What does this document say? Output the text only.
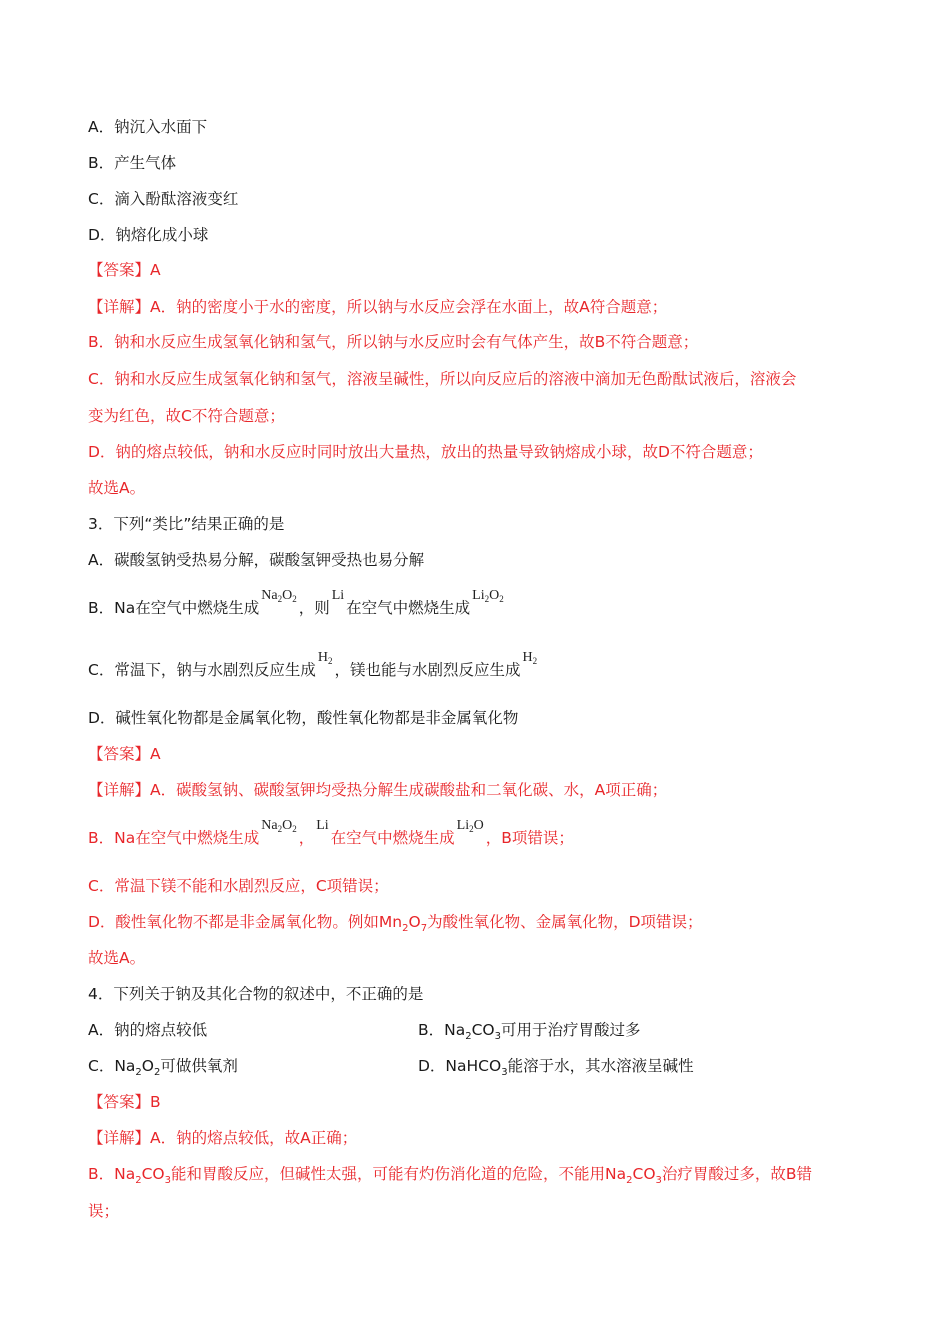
A．钠沉入水面下
B．产生气体
C．滴入酚酞溶液变红
D．钠熔化成小球
【答案】A
【详解】A．钠的密度小于水的密度，所以钠与水反应会浮在水面上，故A符合题意；
B．钠和水反应生成氢氧化钠和氢气，所以钠与水反应时会有气体产生，故B不符合题意；
C．钠和水反应生成氢氧化钠和氢气，溶液呈碱性，所以向反应后的溶液中滴加无色酚酞试液后，溶液会
变为红色，故C不符合题意；
D．钠的熔点较低，钠和水反应时同时放出大量热，放出的热量导致钠熔成小球，故D不符合题意；
故选A。
3．下列“类比”结果正确的是
A．碳酸氢钠受热易分解，碳酸氢钾受热也易分解
B．Na在空气中燃烧生成$Na_2O_2$ ，则Li在空气中燃烧生成$Li_2O_2$
C．常温下，钠与水剧烈反应生成$H_2$ ，镁也能与水剧烈反应生成$H_2$
D．碱性氧化物都是金属氧化物，酸性氧化物都是非金属氧化物
【答案】A
【详解】A．碳酸氢钠、碳酸氢钾均受热分解生成碳酸盐和二氧化碳、水，A项正确；
B．Na在空气中燃烧生成$Na_2O_2$ ，Li在空气中燃烧生成$Li_2O$，B项错误；
C．常温下镁不能和水剧烈反应，C项错误；
D．酸性氧化物不都是非金属氧化物。例如$Mn_2O_7$为酸性氧化物、金属氧化物，D项错误；
故选A。
4．下列关于钠及其化合物的叙述中，不正确的是
A．钠的熔点较低	B．$Na_2CO_3$可用于治疗胃酸过多
C．$Na_2O_2$可做供氧剂	D．NaHCO$_3$能溶于水，其水溶液呈碱性
【答案】B
【详解】A．钠的熔点较低，故A正确；
B．$Na_2CO_3$能和胃酸反应，但碱性太强，可能有灼伤消化道的危险，不能用$Na_2CO_3$治疗胃酸过多，故B错
误；
